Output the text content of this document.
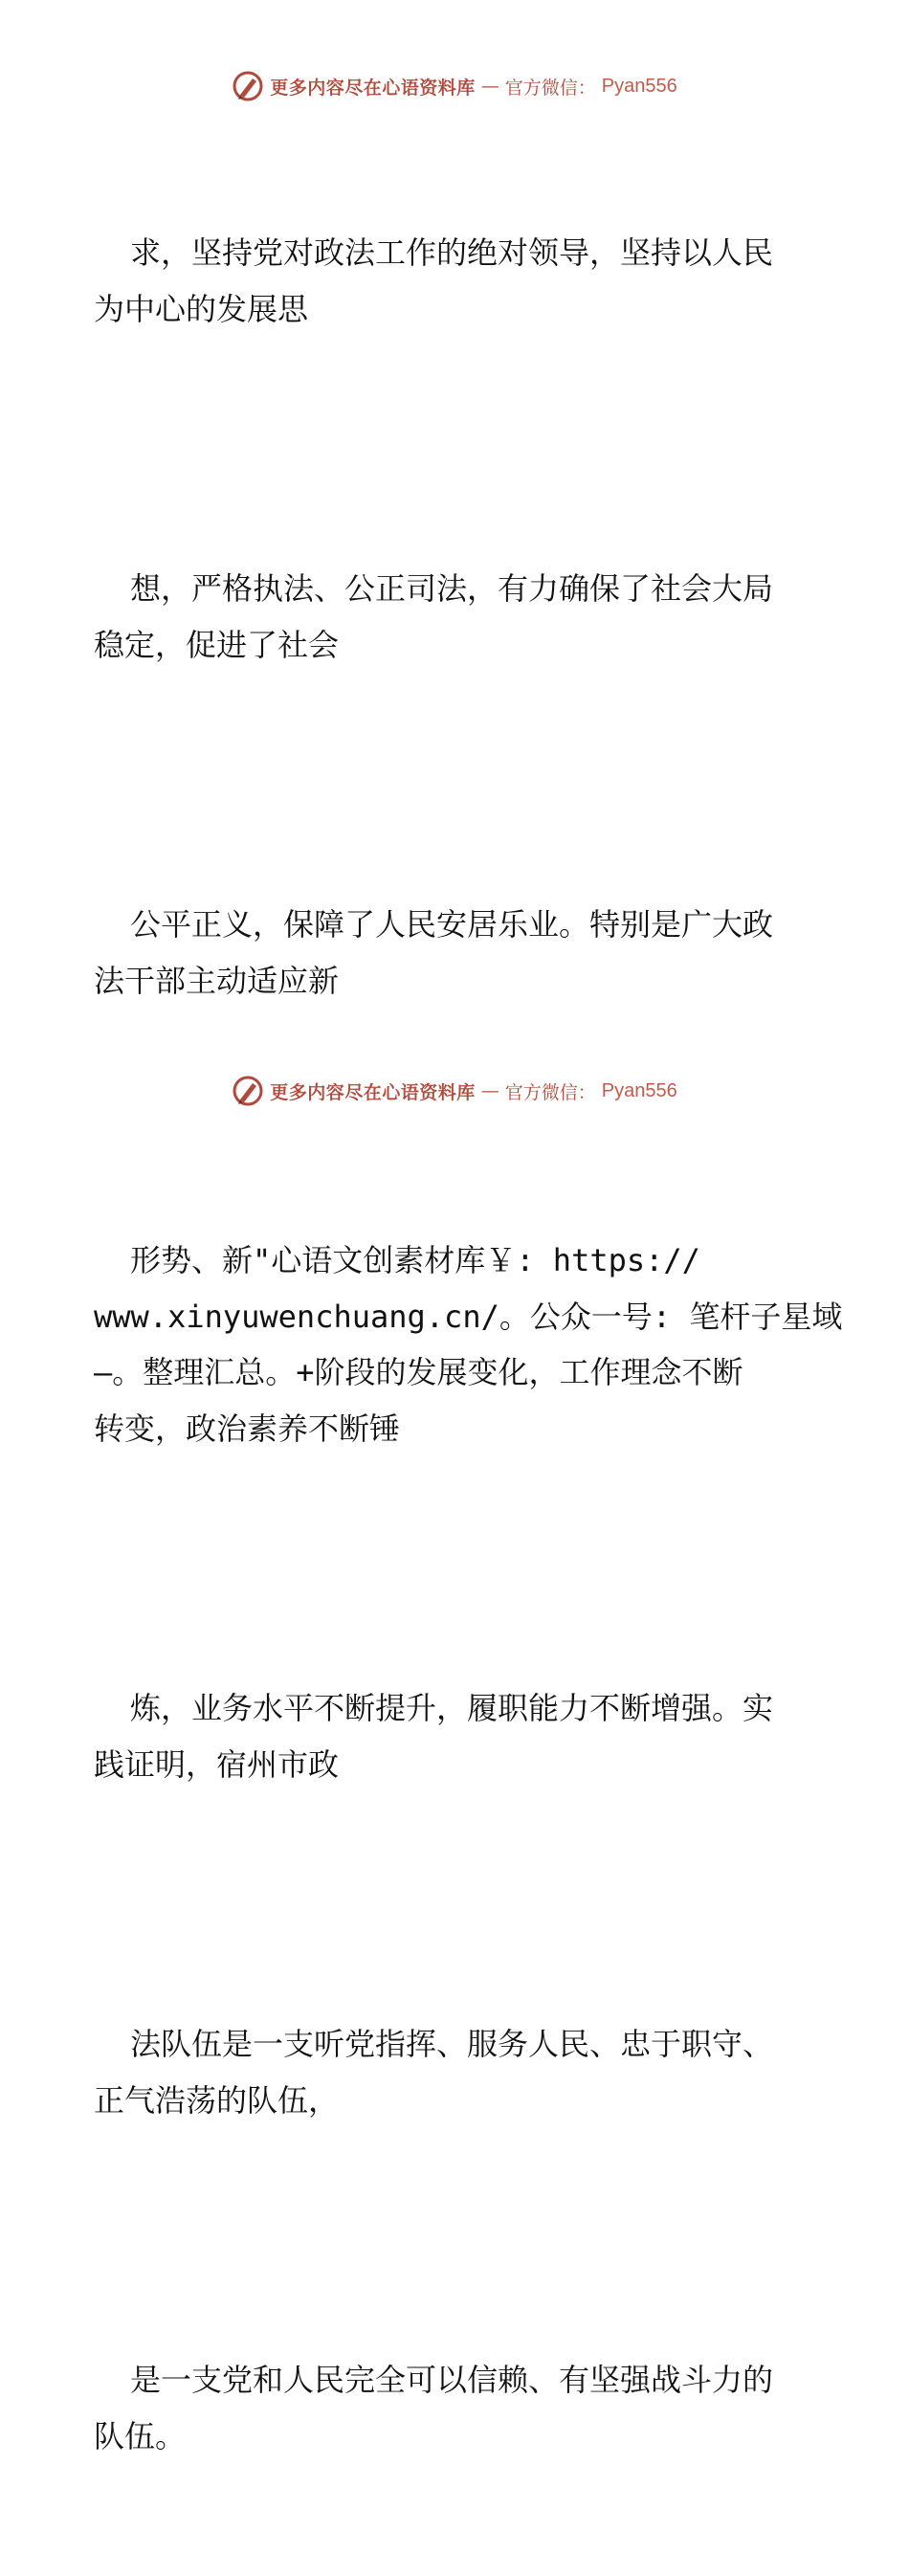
更多内容尽在心语资料库 — 官方微信： Pyan556

求，坚持党对政法工作的绝对领导，坚持以人民
为中心的发展思

想，严格执法、公正司法，有力确保了社会大局
稳定，促进了社会

公平正义，保障了人民安居乐业。特别是广大政
法干部主动适应新

形势、新"心语文创素材库￥: https://
www.xinyuwenchuang.cn/。公众一号: 笔杆子星域
—。整理汇总。+阶段的发展变化，工作理念不断
转变，政治素养不断锤

炼，业务水平不断提升，履职能力不断增强。实
践证明，宿州市政

法队伍是一支听党指挥、服务人民、忠于职守、
正气浩荡的队伍，

是一支党和人民完全可以信赖、有坚强战斗力的
队伍。

更多内容尽在心语资料库 — 官方微信： Pyan556
